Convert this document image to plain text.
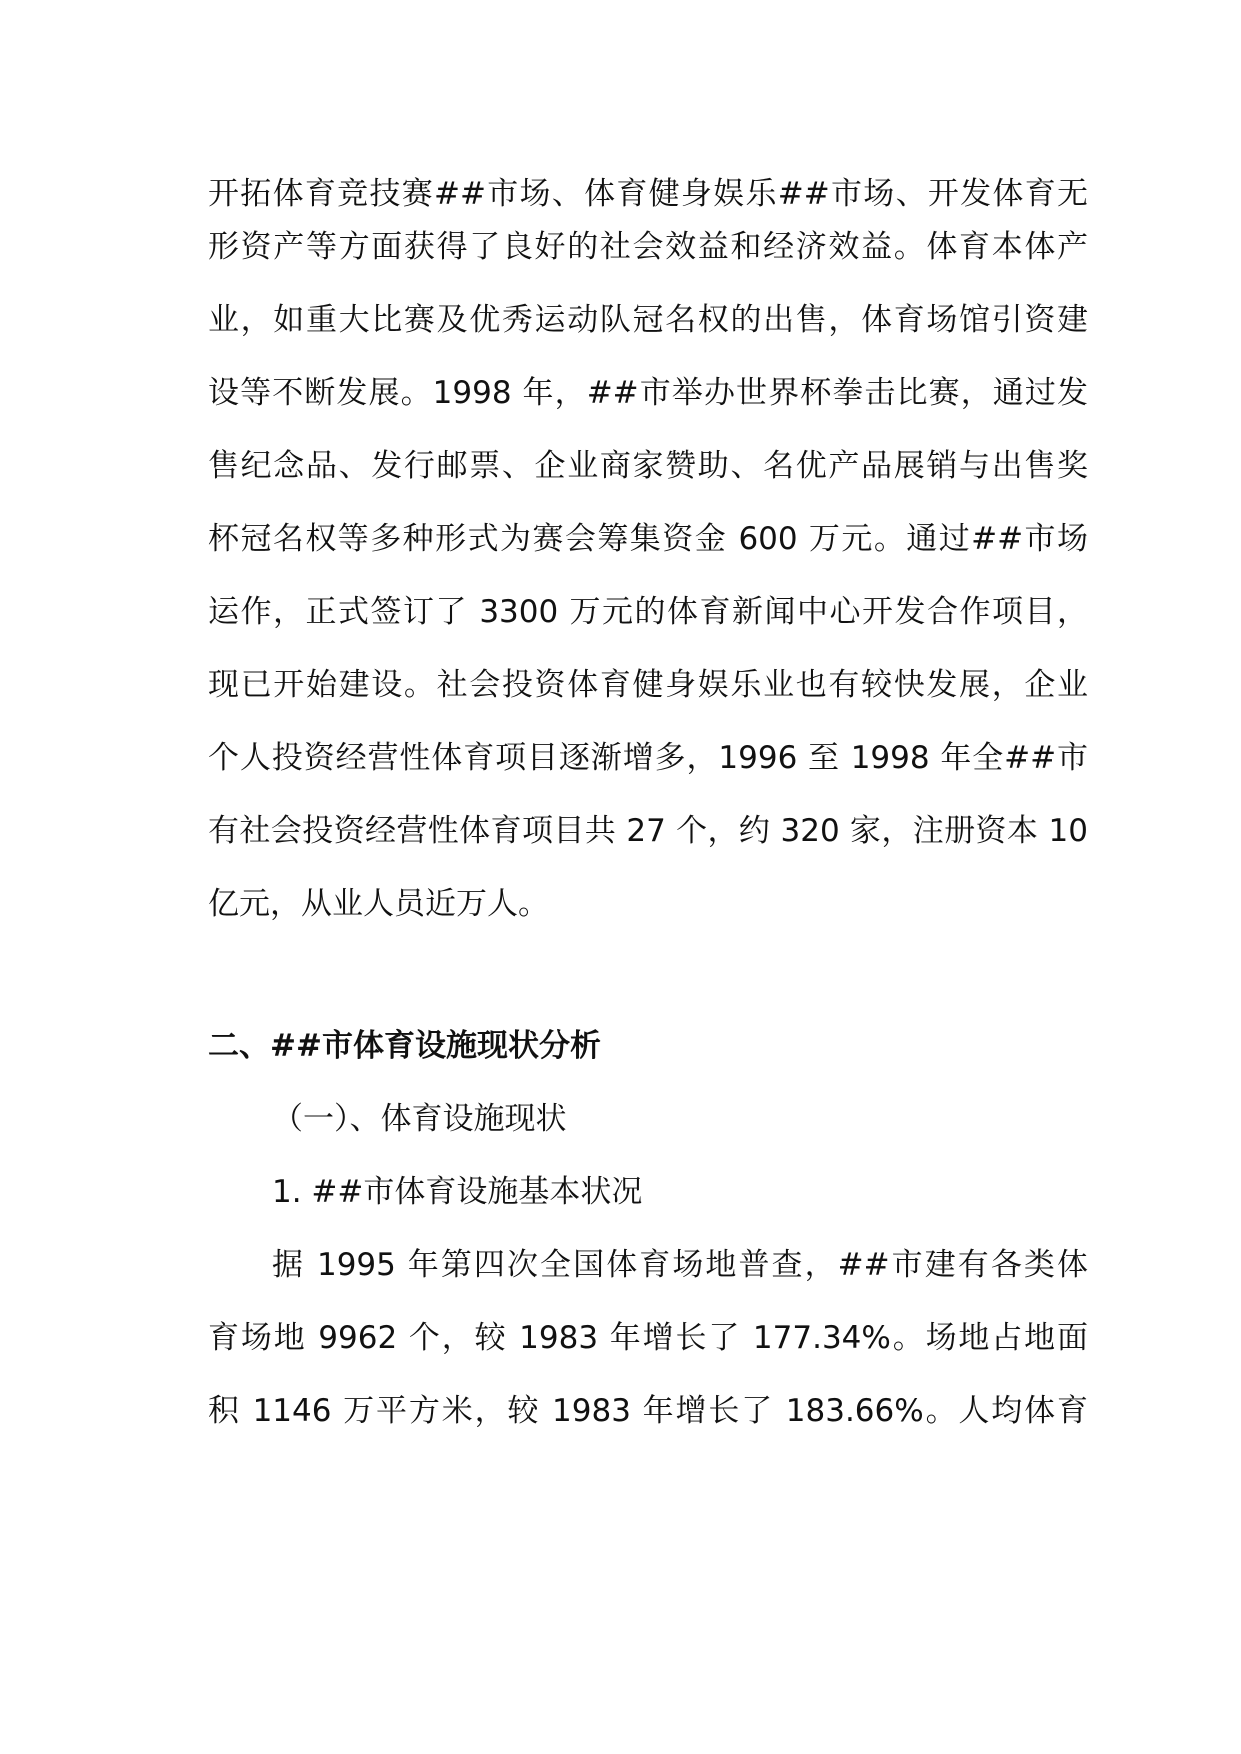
开拓体育竞技赛##市场、体育健身娱乐##市场、开发体育无
形资产等方面获得了良好的社会效益和经济效益。体育本体产
业，如重大比赛及优秀运动队冠名权的出售，体育场馆引资建
设等不断发展。1998 年，##市举办世界杯拳击比赛，通过发
售纪念品、发行邮票、企业商家赞助、名优产品展销与出售奖
杯冠名权等多种形式为赛会筹集资金 600 万元。通过##市场
运作，正式签订了 3300 万元的体育新闻中心开发合作项目，
现已开始建设。社会投资体育健身娱乐业也有较快发展，企业
个人投资经营性体育项目逐渐增多，1996 至 1998 年全##市
有社会投资经营性体育项目共 27 个，约 320 家，注册资本 10
亿元，从业人员近万人。
二、##市体育设施现状分析
（一）、体育设施现状
1. ##市体育设施基本状况
据 1995 年第四次全国体育场地普查，##市建有各类体
育场地 9962 个，较 1983 年增长了 177.34%。场地占地面
积 1146 万平方米，较 1983 年增长了 183.66%。人均体育
